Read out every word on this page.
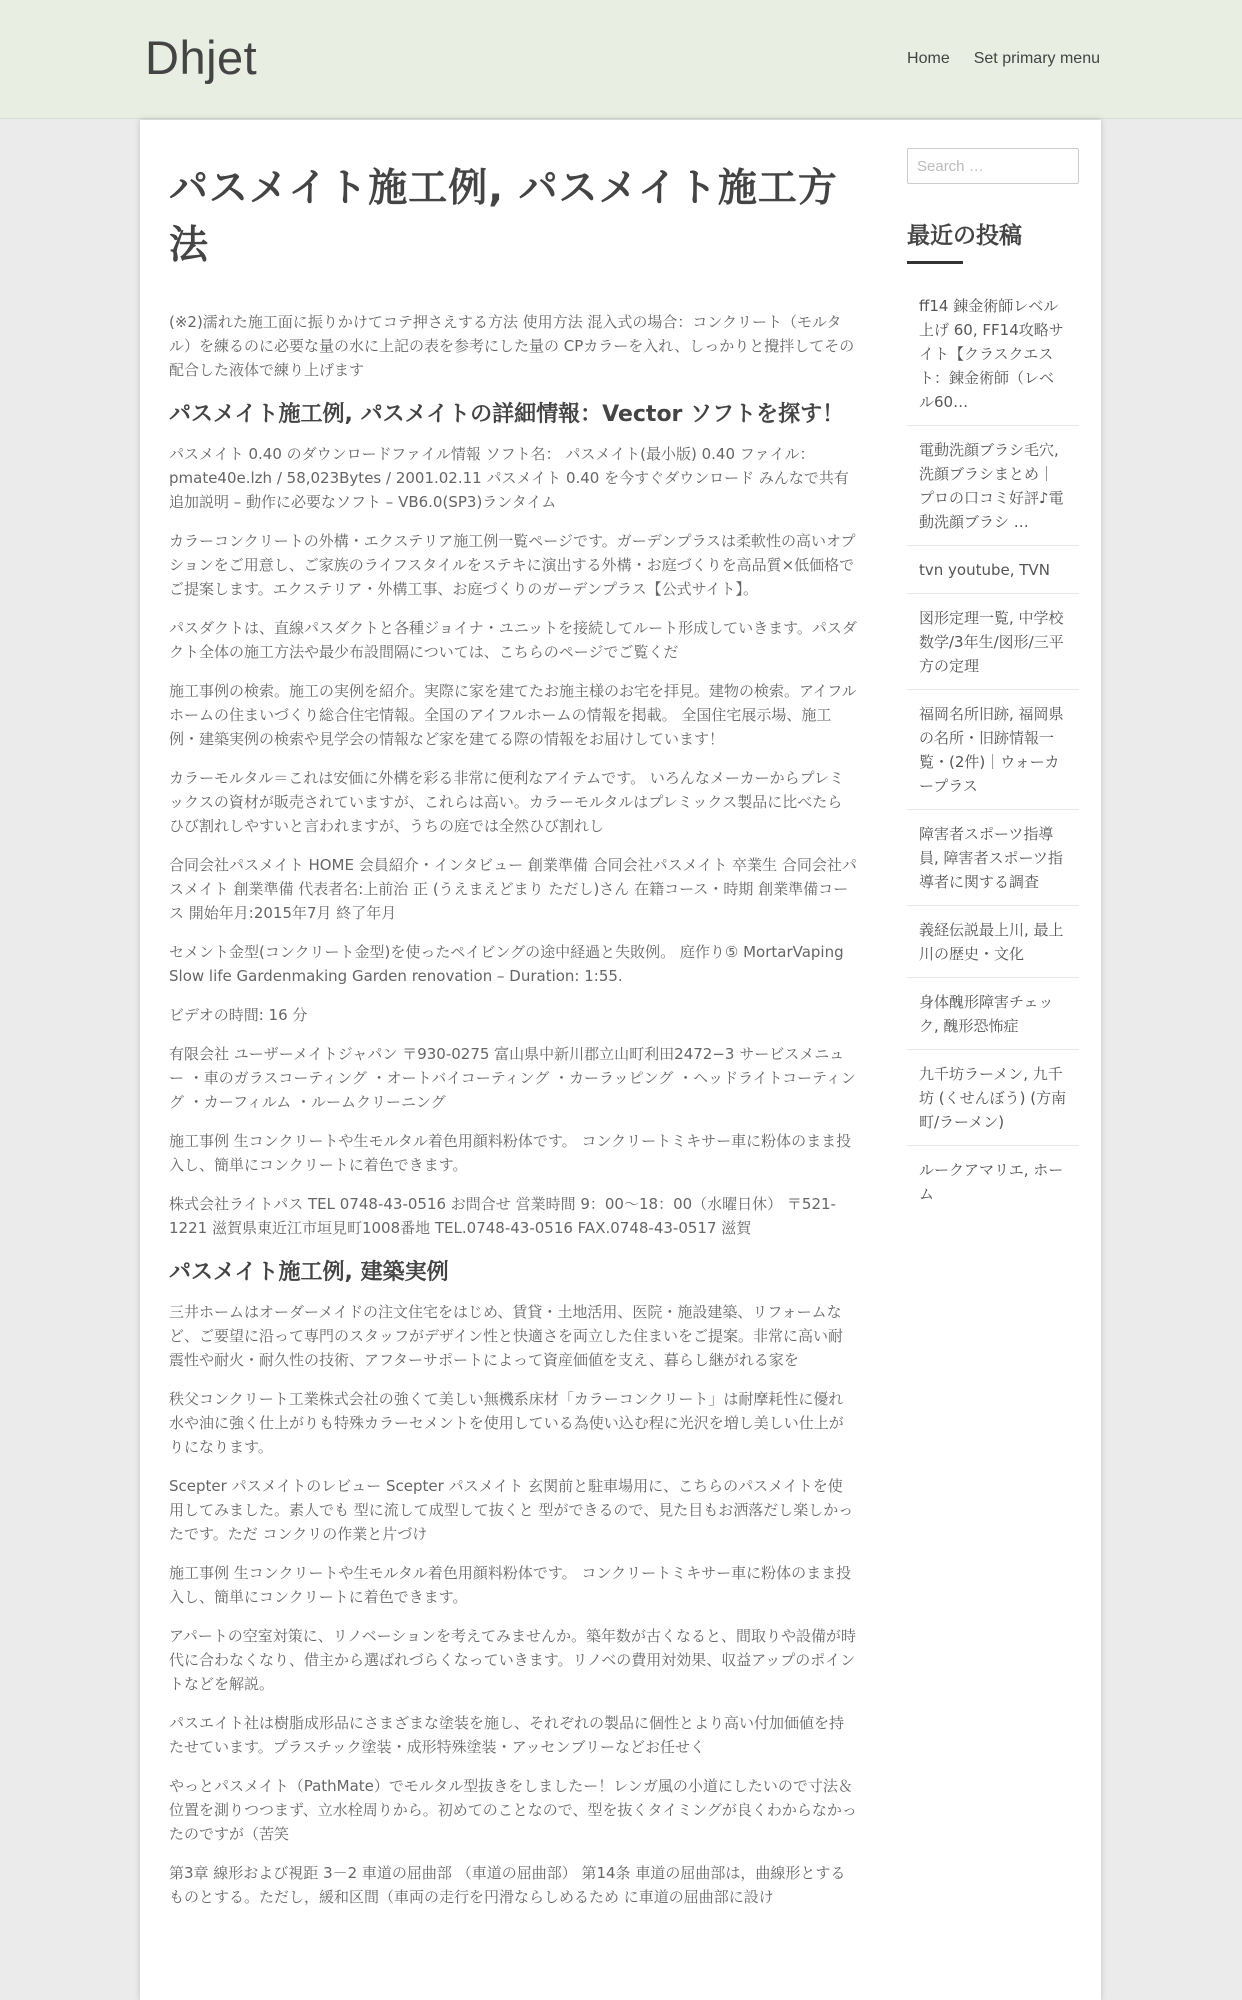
Dhjet	Home Set primary menu
パスメイト施工例, パスメイト施工方法

(※2)濡れた施工面に振りかけてコテ押さえする方法 使用方法 混入式の場合：コンクリート（モルタル）を練るのに必要な量の水に上記の表を参考にした量の CPカラーを入れ、しっかりと攪拌してその配合した液体で練り上げます

パスメイト施工例, パスメイトの詳細情報：Vector ソフトを探す！

パスメイト 0.40 のダウンロードファイル情報 ソフト名： パスメイト(最小版) 0.40 ファイル： pmate40e.lzh / 58,023Bytes / 2001.02.11 パスメイト 0.40 を今すぐダウンロード みんなで共有 追加説明 – 動作に必要なソフト – VB6.0(SP3)ランタイム

カラーコンクリートの外構・エクステリア施工例一覧ページです。ガーデンプラスは柔軟性の高いオプションをご用意し、ご家族のライフスタイルをステキに演出する外構・お庭づくりを高品質×低価格でご提案します。エクステリア・外構工事、お庭づくりのガーデンプラス【公式サイト】。

パスダクトは、直線パスダクトと各種ジョイナ・ユニットを接続してルート形成していきます。パスダクト全体の施工方法や最少布設間隔については、こちらのページでご覧くだ

施工事例の検索。施工の実例を紹介。実際に家を建てたお施主様のお宅を拝見。建物の検索。アイフルホームの住まいづくり総合住宅情報。全国のアイフルホームの情報を掲載。 全国住宅展示場、施工例・建築実例の検索や見学会の情報など家を建てる際の情報をお届けしています！

カラーモルタル＝これは安価に外構を彩る非常に便利なアイテムです。 いろんなメーカーからプレミックスの資材が販売されていますが、これらは高い。カラーモルタルはプレミックス製品に比べたらひび割れしやすいと言われますが、うちの庭では全然ひび割れし

合同会社パスメイト HOME 会員紹介・インタビュー 創業準備 合同会社パスメイト 卒業生 合同会社パスメイト 創業準備 代表者名:上前治 正 (うえまえどまり ただし)さん 在籍コース・時期 創業準備コース 開始年月:2015年7月 終了年月

セメント金型(コンクリート金型)を使ったペイビングの途中経過と失敗例。 庭作り⑤ MortarVaping Slow life Gardenmaking Garden renovation – Duration: 1:55.

ビデオの時間: 16 分

有限会社 ユーザーメイトジャパン 〒930-0275 富山県中新川郡立山町利田2472−3 サービスメニュー ・車のガラスコーティング ・オートバイコーティング ・カーラッピング ・ヘッドライトコーティング ・カーフィルム ・ルームクリーニング

施工事例 生コンクリートや生モルタル着色用顔料粉体です。 コンクリートミキサー車に粉体のまま投入し、簡単にコンクリートに着色できます。

株式会社ライトパス TEL 0748-43-0516 お問合せ 営業時間 9：00～18：00（水曜日休） 〒521-1221 滋賀県東近江市垣見町1008番地 TEL.0748-43-0516 FAX.0748-43-0517 滋賀

パスメイト施工例, 建築実例

三井ホームはオーダーメイドの注文住宅をはじめ、賃貸・土地活用、医院・施設建築、リフォームなど、ご要望に沿って専門のスタッフがデザイン性と快適さを両立した住まいをご提案。非常に高い耐震性や耐火・耐久性の技術、アフターサポートによって資産価値を支え、暮らし継がれる家を

秩父コンクリート工業株式会社の強くて美しい無機系床材「カラーコンクリート」は耐摩耗性に優れ水や油に強く仕上がりも特殊カラーセメントを使用している為使い込む程に光沢を増し美しい仕上がりになります。

Scepter パスメイトのレビュー Scepter パスメイト 玄関前と駐車場用に、こちらのパスメイトを使用してみました。素人でも 型に流して成型して抜くと 型ができるので、見た目もお洒落だし楽しかったです。ただ コンクリの作業と片づけ

施工事例 生コンクリートや生モルタル着色用顔料粉体です。 コンクリートミキサー車に粉体のまま投入し、簡単にコンクリートに着色できます。

アパートの空室対策に、リノベーションを考えてみませんか。築年数が古くなると、間取りや設備が時代に合わなくなり、借主から選ばれづらくなっていきます。リノベの費用対効果、収益アップのポイントなどを解説。

パスエイト社は樹脂成形品にさまざまな塗装を施し、それぞれの製品に個性とより高い付加価値を持たせています。プラスチック塗装・成形特殊塗装・アッセンブリーなどお任せく

やっとパスメイト（PathMate）でモルタル型抜きをしましたー！レンガ風の小道にしたいので寸法＆位置を測りつつまず、立水栓周りから。初めてのことなので、型を抜くタイミングが良くわからなかったのですが（苦笑

第3章 線形および視距 3－2 車道の屈曲部 （車道の屈曲部） 第14条 車道の屈曲部は，曲線形とするものとする。ただし，緩和区間（車両の走行を円滑ならしめるため に車道の屈曲部に設け

Search …
最近の投稿
ff14 錬金術師レベル上げ 60, FF14攻略サイト【クラスクエスト：錬金術師（レベル60…
電動洗顔ブラシ毛穴, 洗顔ブラシまとめ｜プロの口コミ好評♪電動洗顔ブラシ …
tvn youtube, TVN
図形定理一覧, 中学校数学/3年生/図形/三平方の定理
福岡名所旧跡, 福岡県の名所・旧跡情報一覧・(2件)｜ウォーカープラス
障害者スポーツ指導員, 障害者スポーツ指導者に関する調査
義経伝説最上川, 最上川の歴史・文化
身体醜形障害チェック, 醜形恐怖症
九千坊ラーメン, 九千坊 (くせんぼう) (方南町/ラーメン)
ルークアマリエ, ホーム
